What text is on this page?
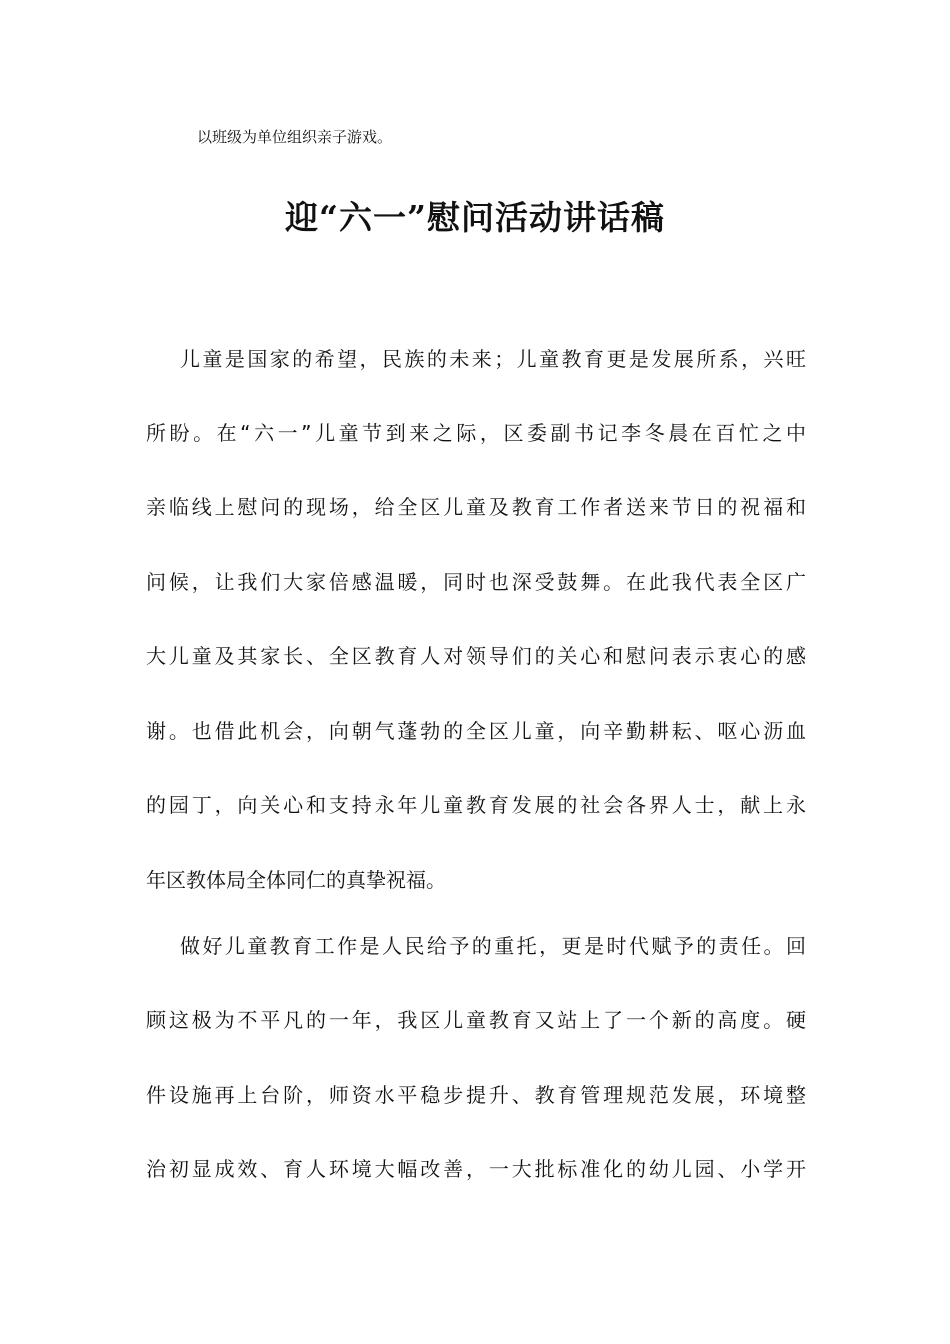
以班级为单位组织亲子游戏。
迎“六一”慰问活动讲话稿
儿童是国家的希望，民族的未来；儿童教育更是发展所系，兴旺
所盼。在“六一”儿童节到来之际，区委副书记李冬晨在百忙之中
亲临线上慰问的现场，给全区儿童及教育工作者送来节日的祝福和
问候，让我们大家倍感温暖，同时也深受鼓舞。在此我代表全区广
大儿童及其家长、全区教育人对领导们的关心和慰问表示衷心的感
谢。也借此机会，向朝气蓬勃的全区儿童，向辛勤耕耘、呕心沥血
的园丁，向关心和支持永年儿童教育发展的社会各界人士，献上永
年区教体局全体同仁的真挚祝福。
做好儿童教育工作是人民给予的重托，更是时代赋予的责任。回
顾这极为不平凡的一年，我区儿童教育又站上了一个新的高度。硬
件设施再上台阶，师资水平稳步提升、教育管理规范发展，环境整
治初显成效、育人环境大幅改善，一大批标准化的幼儿园、小学开
